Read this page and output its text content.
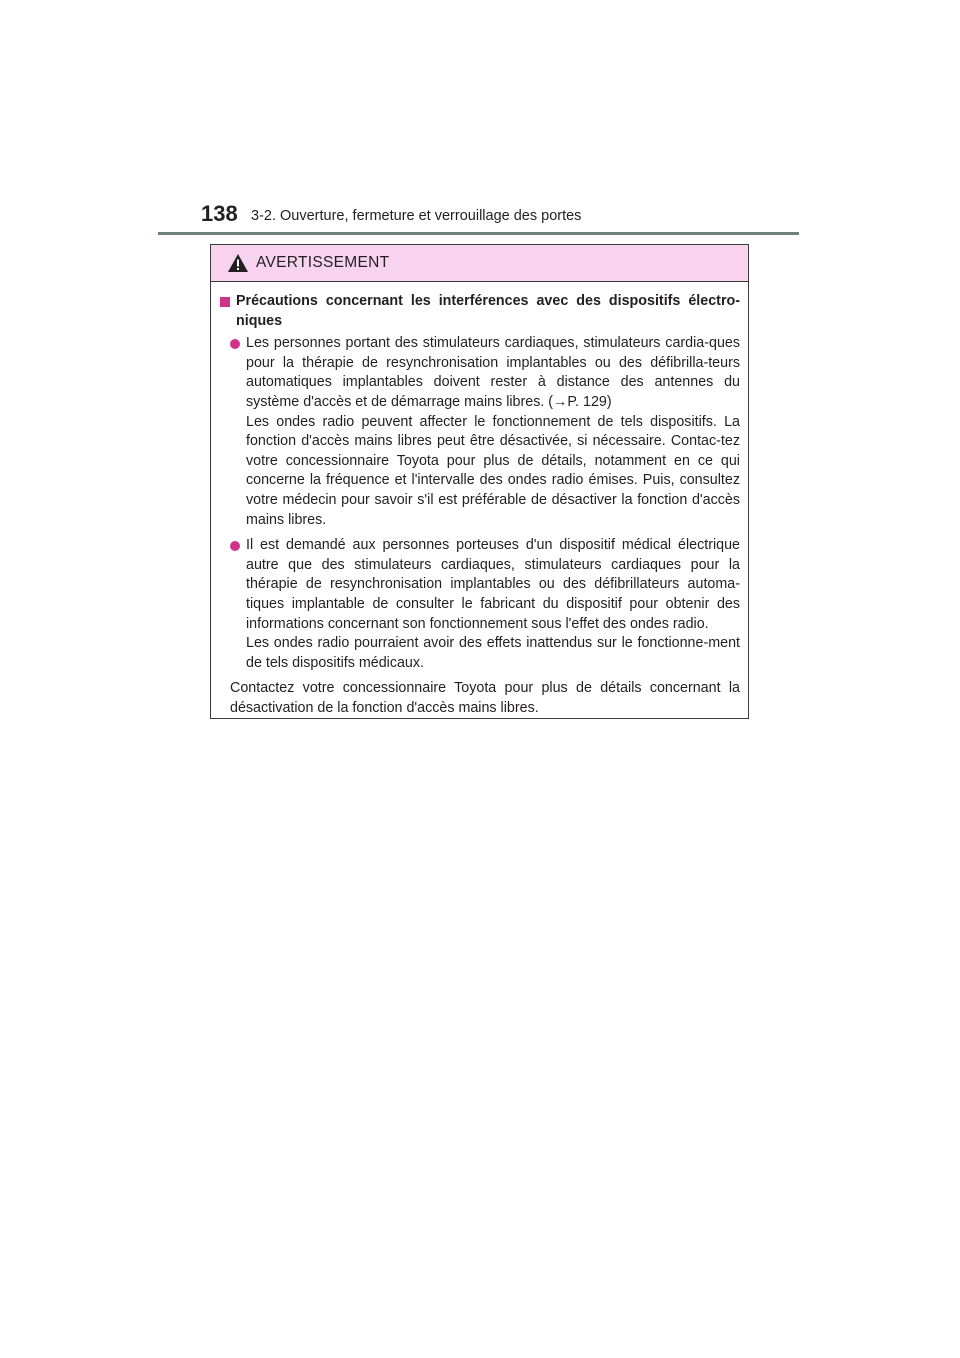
138 3-2. Ouverture, fermeture et verrouillage des portes
AVERTISSEMENT
Précautions concernant les interférences avec des dispositifs électro-niques

Les personnes portant des stimulateurs cardiaques, stimulateurs cardia-ques pour la thérapie de resynchronisation implantables ou des défibrilla-teurs automatiques implantables doivent rester à distance des antennes du système d'accès et de démarrage mains libres. (→P. 129)

Les ondes radio peuvent affecter le fonctionnement de tels dispositifs. La fonction d'accès mains libres peut être désactivée, si nécessaire. Contac-tez votre concessionnaire Toyota pour plus de détails, notamment en ce qui concerne la fréquence et l'intervalle des ondes radio émises. Puis, consultez votre médecin pour savoir s'il est préférable de désactiver la fonction d'accès mains libres.

Il est demandé aux personnes porteuses d'un dispositif médical électrique autre que des stimulateurs cardiaques, stimulateurs cardiaques pour la thérapie de resynchronisation implantables ou des défibrillateurs automa-tiques implantable de consulter le fabricant du dispositif pour obtenir des informations concernant son fonctionnement sous l'effet des ondes radio.

Les ondes radio pourraient avoir des effets inattendus sur le fonctionne-ment de tels dispositifs médicaux.

Contactez votre concessionnaire Toyota pour plus de détails concernant la désactivation de la fonction d'accès mains libres.
